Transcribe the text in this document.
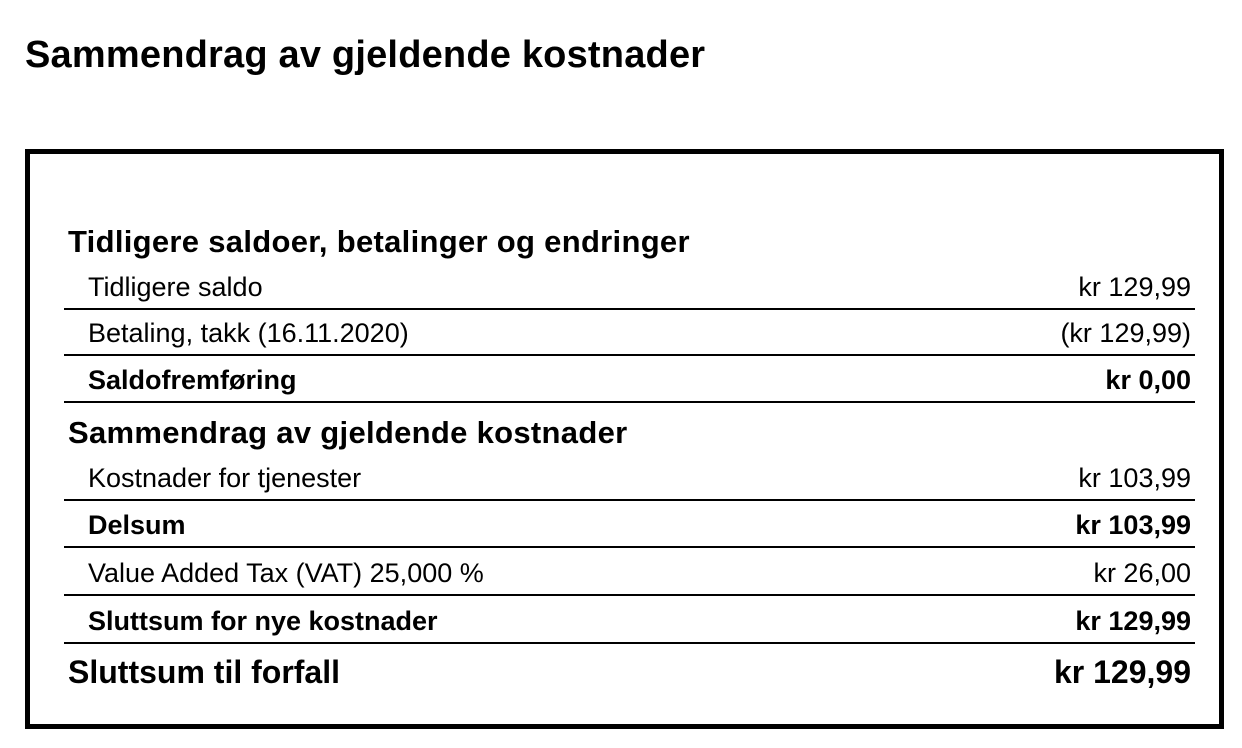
Sammendrag av gjeldende kostnader
Tidligere saldoer, betalinger og endringer
Tidligere saldo	kr 129,99
Betaling, takk (16.11.2020)	(kr 129,99)
Saldofremføring	kr 0,00
Sammendrag av gjeldende kostnader
Kostnader for tjenester	kr 103,99
Delsum	kr 103,99
Value Added Tax (VAT) 25,000 %	kr 26,00
Sluttsum for nye kostnader	kr 129,99
Sluttsum til forfall	kr 129,99
